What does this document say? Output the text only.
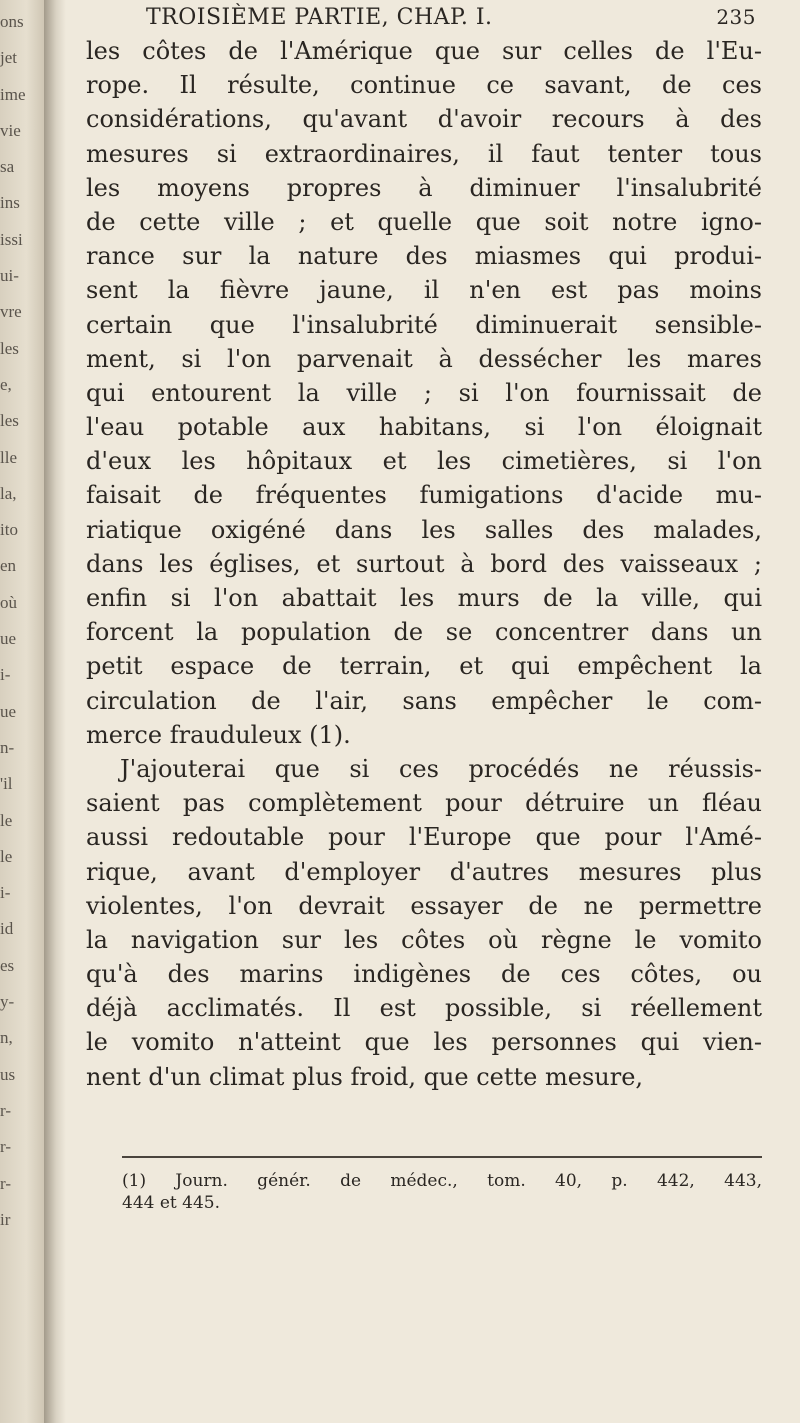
ons
jet
ime
vie
sa
ins
issi
ui-
vre
les
e,
les
lle
la,
ito
en
où
ue
i-
ue
n-
'il
le
le
i-
id
es
y-
n,
us
r-
r-
r-
ir
TROISIÈME PARTIE, CHAP. I.	235
les côtes de l'Amérique que sur celles de l'Eu-
rope. Il résulte, continue ce savant, de ces
considérations, qu'avant d'avoir recours à des
mesures si extraordinaires, il faut tenter tous
les moyens propres à diminuer l'insalubrité
de cette ville ; et quelle que soit notre igno-
rance sur la nature des miasmes qui produi-
sent la fièvre jaune, il n'en est pas moins
certain que l'insalubrité diminuerait sensible-
ment, si l'on parvenait à dessécher les mares
qui entourent la ville ; si l'on fournissait de
l'eau potable aux habitans, si l'on éloignait
d'eux les hôpitaux et les cimetières, si l'on
faisait de fréquentes fumigations d'acide mu-
riatique oxigéné dans les salles des malades,
dans les églises, et surtout à bord des vaisseaux ;
enfin si l'on abattait les murs de la ville, qui
forcent la population de se concentrer dans un
petit espace de terrain, et qui empêchent la
circulation de l'air, sans empêcher le com-
merce frauduleux (1).
J'ajouterai que si ces procédés ne réussis-
saient pas complètement pour détruire un fléau
aussi redoutable pour l'Europe que pour l'Amé-
rique, avant d'employer d'autres mesures plus
violentes, l'on devrait essayer de ne permettre
la navigation sur les côtes où règne le vomito
qu'à des marins indigènes de ces côtes, ou
déjà acclimatés. Il est possible, si réellement
le vomito n'atteint que les personnes qui vien-
nent d'un climat plus froid, que cette mesure,
(1) Journ. génér. de médec., tom. 40, p. 442, 443,
444 et 445.
